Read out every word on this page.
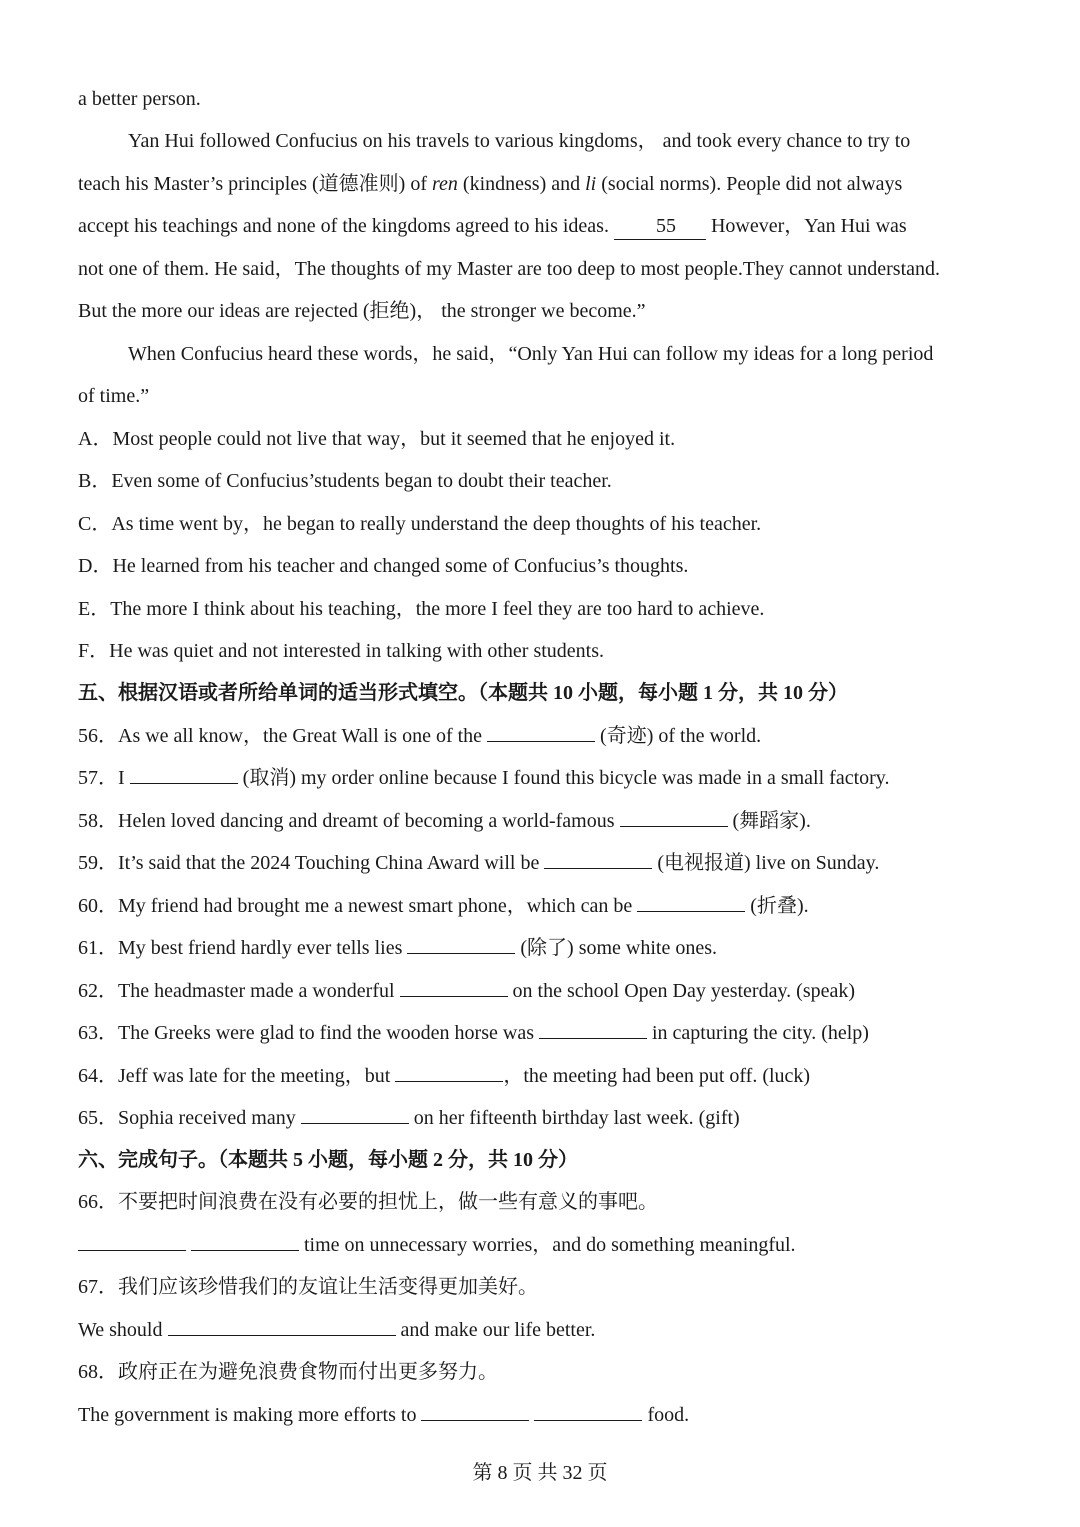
a better person.
Yan Hui followed Confucius on his travels to various kingdoms， and took every chance to try to
teach his Master’s principles (道德准则) of ren (kindness) and li (social norms). People did not always
accept his teachings and none of the kingdoms agreed to his ideas. 55 However，Yan Hui was
not one of them. He said，The thoughts of my Master are too deep to most people.They cannot understand.
But the more our ideas are rejected (拒绝)， the stronger we become.”
When Confucius heard these words，he said，“Only Yan Hui can follow my ideas for a long period
of time.”
A．Most people could not live that way，but it seemed that he enjoyed it.
B．Even some of Confucius’students began to doubt their teacher.
C．As time went by，he began to really understand the deep thoughts of his teacher.
D．He learned from his teacher and changed some of Confucius’s thoughts.
E．The more I think about his teaching，the more I feel they are too hard to achieve.
F．He was quiet and not interested in talking with other students.
五、根据汉语或者所给单词的适当形式填空。（本题共 10 小题，每小题 1 分，共 10 分）
56．As we all know，the Great Wall is one of the	(奇迹) of the world.
57．I	(取消) my order online because I found this bicycle was made in a small factory.
58．Helen loved dancing and dreamt of becoming a world-famous	(舞蹈家).
59．It’s said that the 2024 Touching China Award will be	(电视报道) live on Sunday.
60．My friend had brought me a newest smart phone，which can be	(折叠).
61．My best friend hardly ever tells lies	(除了) some white ones.
62．The headmaster made a wonderful	on the school Open Day yesterday. (speak)
63．The Greeks were glad to find the wooden horse was	in capturing the city. (help)
64．Jeff was late for the meeting，but	，the meeting had been put off. (luck)
65．Sophia received many	on her fifteenth birthday last week. (gift)
六、完成句子。（本题共 5 小题，每小题 2 分，共 10 分）
66．不要把时间浪费在没有必要的担忧上，做一些有意义的事吧。
time on unnecessary worries，and do something meaningful.
67．我们应该珍惜我们的友谊让生活变得更加美好。
We should	and make our life better.
68．政府正在为避免浪费食物而付出更多努力。
The government is making more efforts to	food.
第 8 页 共 32 页
